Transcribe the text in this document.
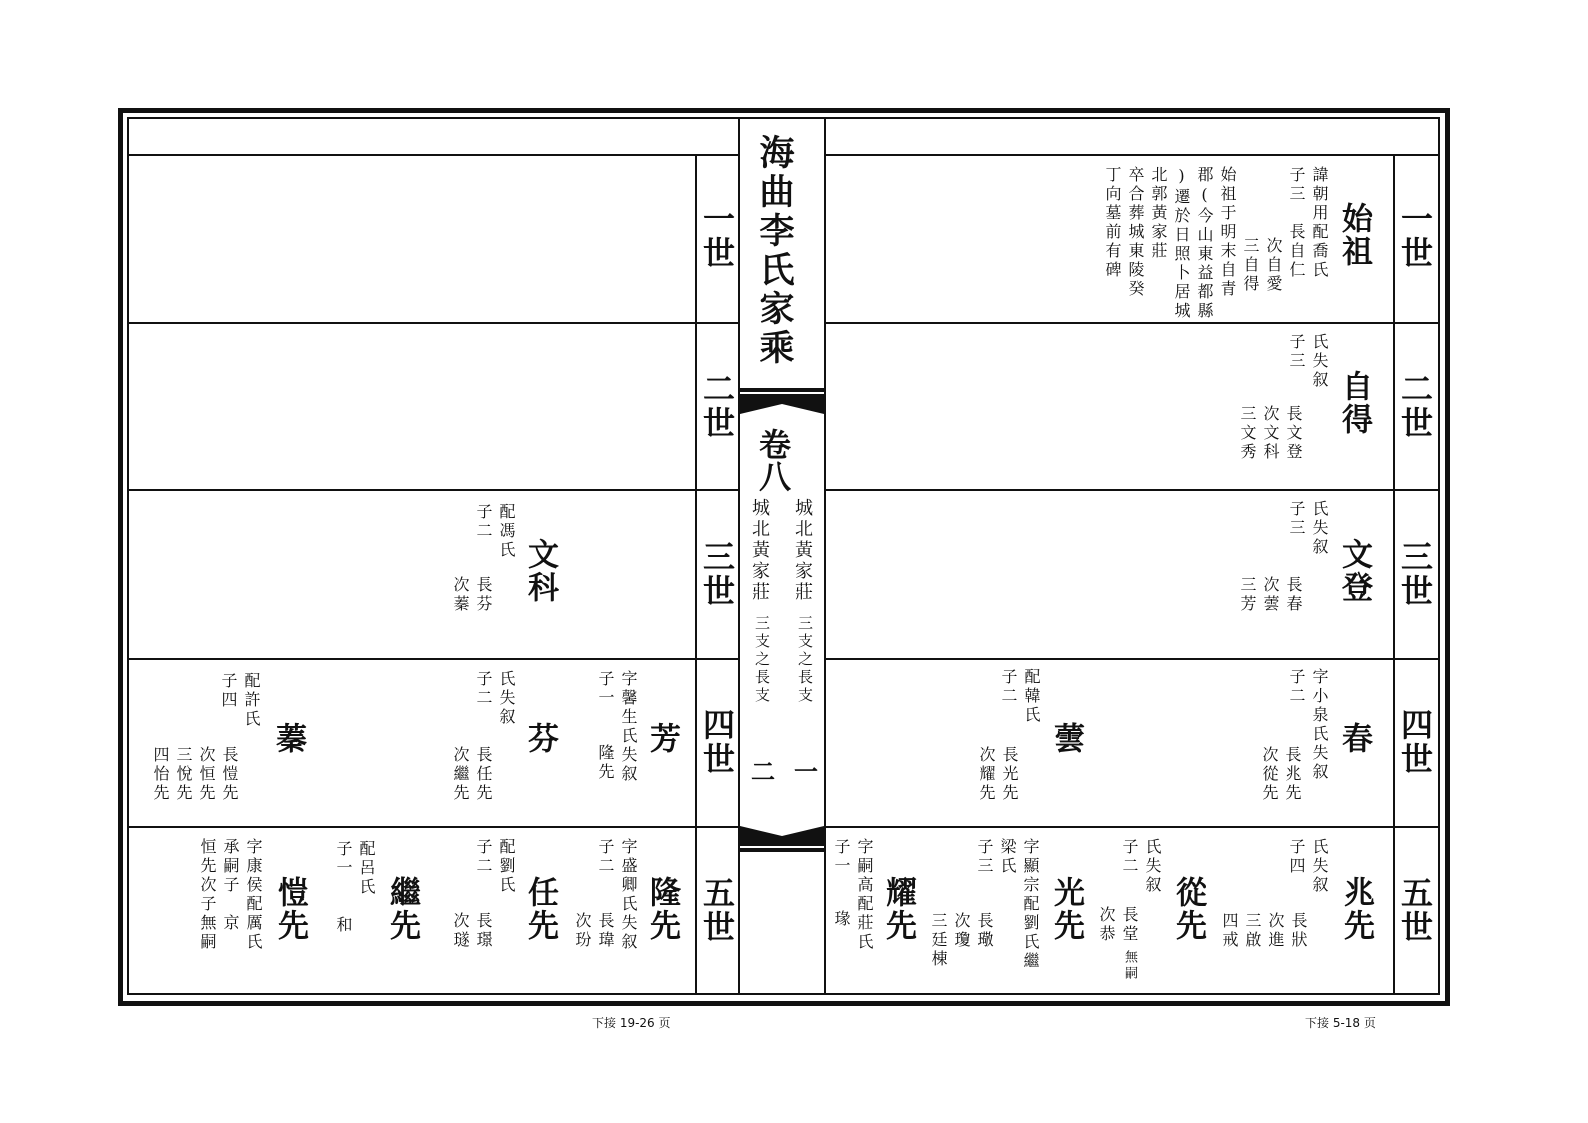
海曲李氏家乘
卷八
城北黃家莊
城北黃家莊
三支之長支
三支之長支
一
二
一世
二世
三世
四世
五世
一世
二世
三世
四世
五世
始祖
諱朝用配喬氏
子三　長自仁
次自愛
三自得
始祖于明末自青
郡(今山東益都縣
)遷於日照卜居城
北郭黃家莊
卒合葬城東陵癸
丁向墓前有碑
自得
氏失叙
子三
長文登
次文科
三文秀
文登
氏失叙
子三
長春
次蕓
三芳
春
字小泉氏失叙
子二
長兆先
次從先
蕓
配韓氏
子二
長光先
次耀先
兆先
氏失叙
子四
長狀
次進
三啟
四戒
從先
氏失叙
子二
長堂
無嗣
次恭
光先
字顯宗配劉氏繼
梁氏
子三
長璥
次瓊
三廷棟
耀先
字嗣高配莊氏
子一
瑑
文科
配馮氏
子二
長芬
次蓁
芳
字馨生氏失叙
子一
隆先
芬
氏失叙
子二
長任先
次繼先
蓁
配許氏
子四
長愷先
次恒先
三悅先
四怡先
隆先
字盛卿氏失叙
子二
長瑋
次玢
任先
配劉氏
子二
長璟
次璲
繼先
配呂氏
子一
和
愷先
字康侯配厲氏
承嗣子　京
恒先次子無嗣
下接 19-26 页	下接 5-18 页
